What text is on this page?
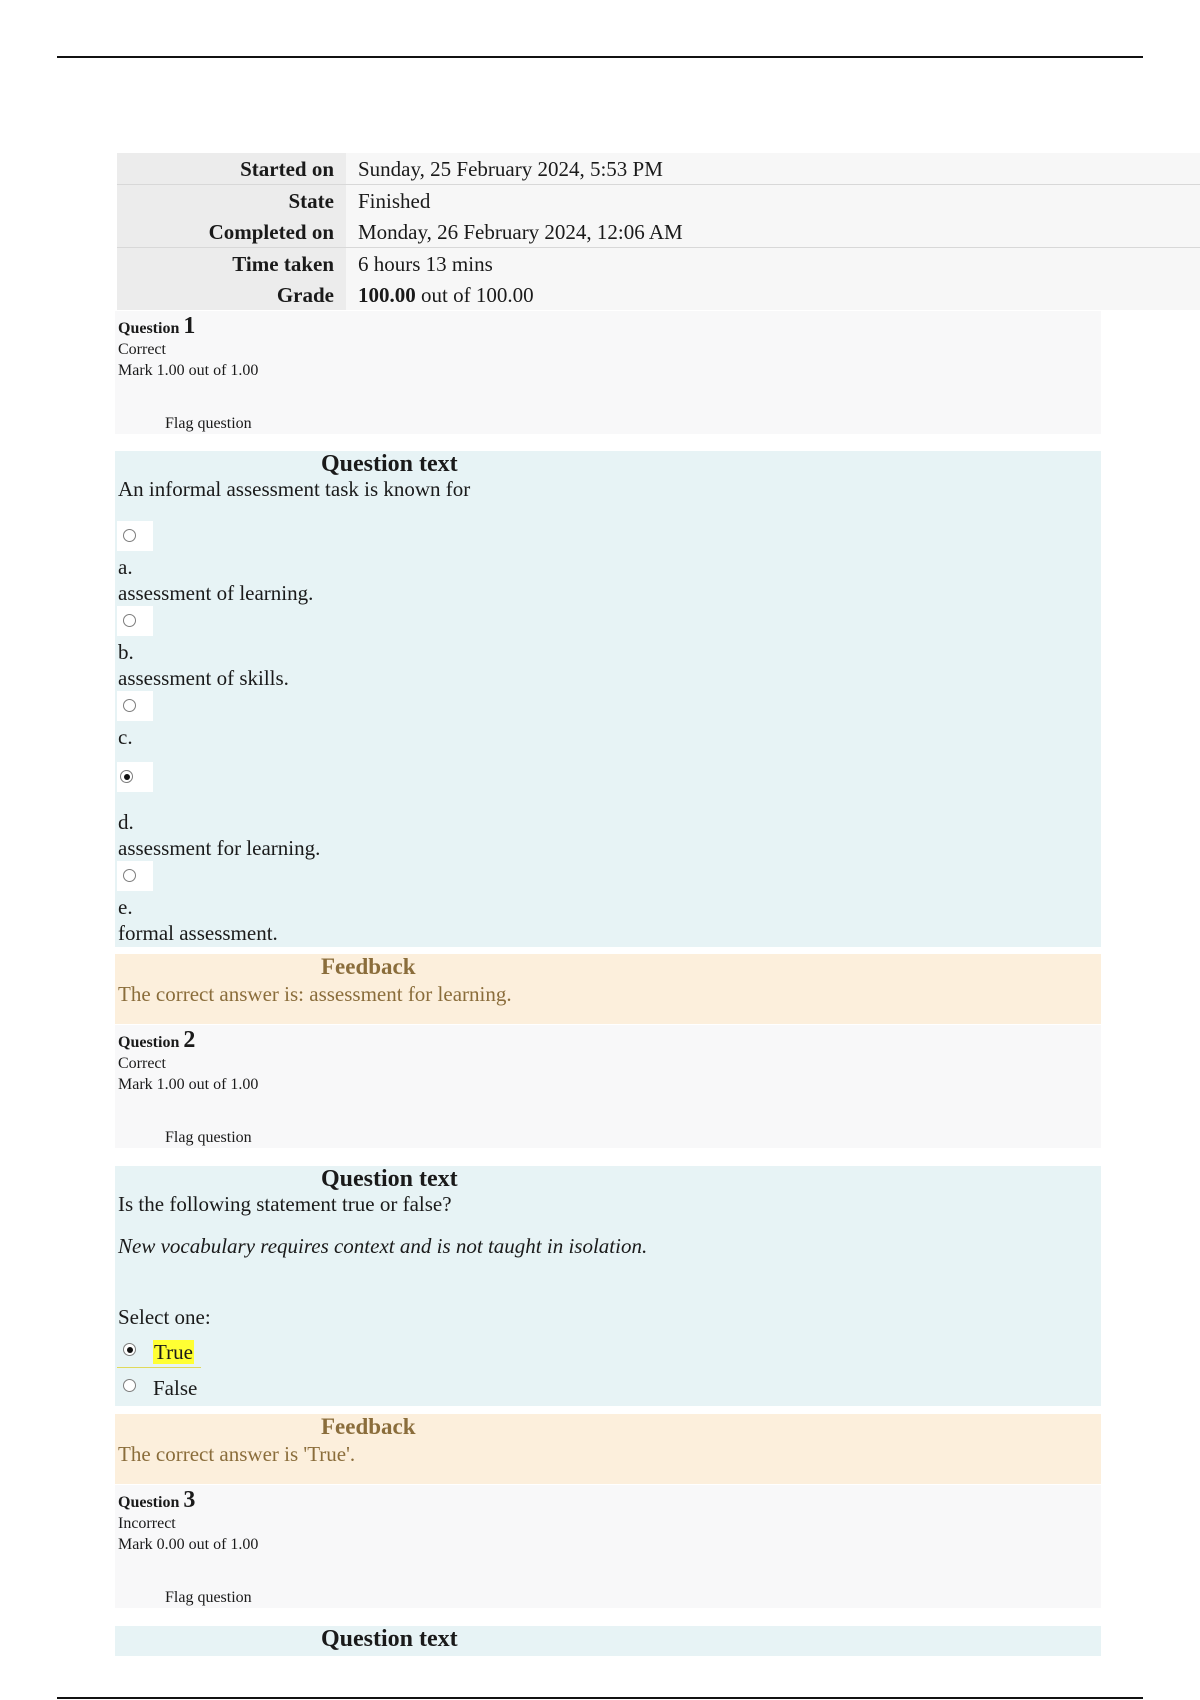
Started on	Sunday, 25 February 2024, 5:53 PM
State	Finished
Completed on	Monday, 26 February 2024, 12:06 AM
Time taken	6 hours 13 mins
Grade	100.00 out of 100.00
Question 1
Correct
Mark 1.00 out of 1.00
Flag question
Question text
An informal assessment task is known for
a.
assessment of learning.
b.
assessment of skills.
c.
d.
assessment for learning.
e.
formal assessment.
Feedback
The correct answer is: assessment for learning.
Question 2
Correct
Mark 1.00 out of 1.00
Flag question
Question text
Is the following statement true or false?
New vocabulary requires context and is not taught in isolation.
Select one:
True
False
Feedback
The correct answer is 'True'.
Question 3
Incorrect
Mark 0.00 out of 1.00
Flag question
Question text
